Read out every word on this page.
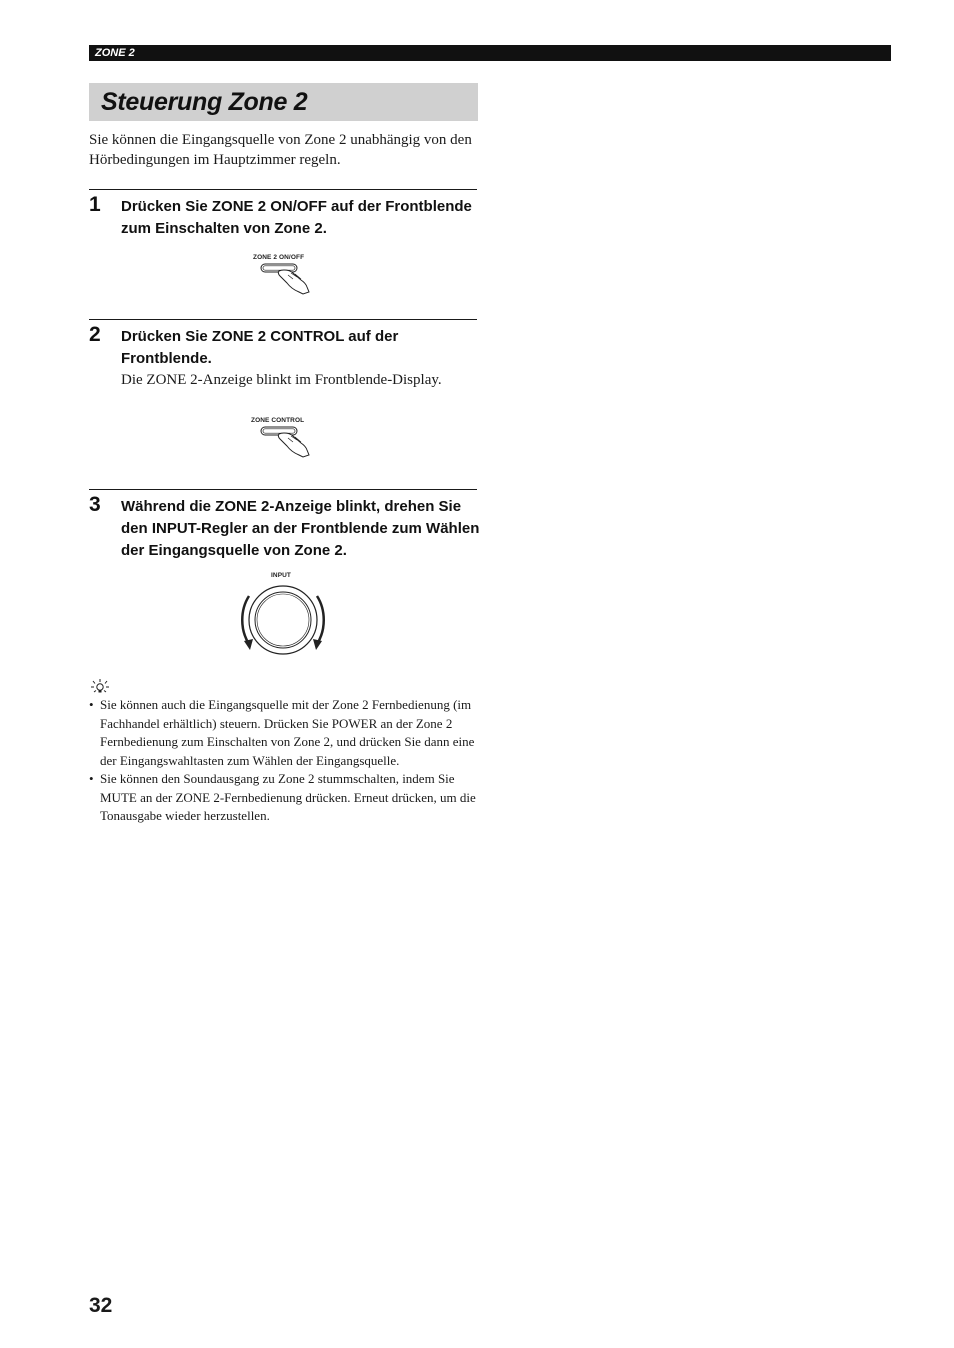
ZONE 2
Steuerung Zone 2
Sie können die Eingangsquelle von Zone 2 unabhängig von den Hörbedingungen im Hauptzimmer regeln.
1 Drücken Sie ZONE 2 ON/OFF auf der Frontblende zum Einschalten von Zone 2.
ZONE 2 ON/OFF
2 Drücken Sie ZONE 2 CONTROL auf der Frontblende.
Die ZONE 2-Anzeige blinkt im Frontblende-Display.
ZONE CONTROL
3 Während die ZONE 2-Anzeige blinkt, drehen Sie den INPUT-Regler an der Frontblende zum Wählen der Eingangsquelle von Zone 2.
INPUT
• Sie können auch die Eingangsquelle mit der Zone 2 Fernbedienung (im Fachhandel erhältlich) steuern. Drücken Sie POWER an der Zone 2 Fernbedienung zum Einschalten von Zone 2, und drücken Sie dann eine der Eingangswahltasten zum Wählen der Eingangsquelle.
• Sie können den Soundausgang zu Zone 2 stummschalten, indem Sie MUTE an der ZONE 2-Fernbedienung drücken. Erneut drücken, um die Tonausgabe wieder herzustellen.
32
